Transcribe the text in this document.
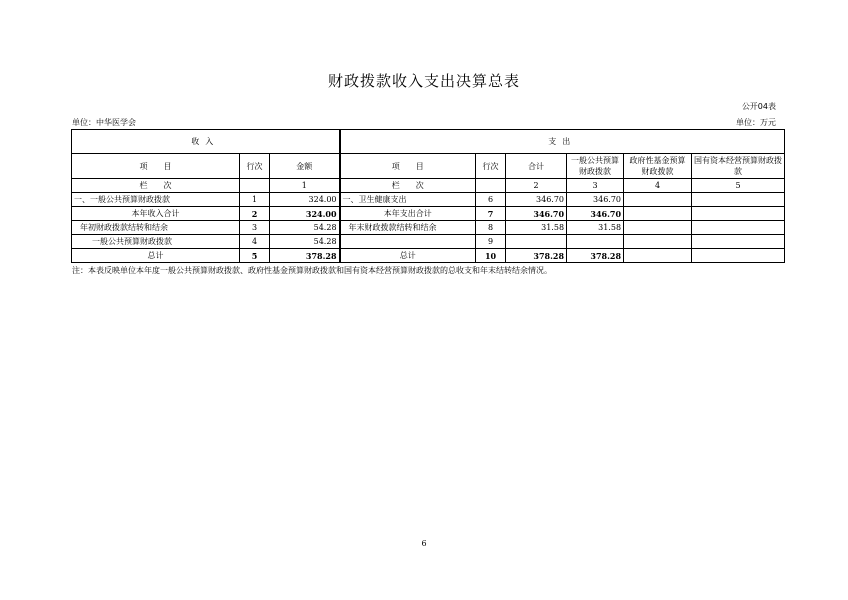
财政拨款收入支出决算总表
公开04表
单位：中华医学会	单位：万元
收入			支出					
项　　目	行次	金额	项　　目	行次	合计	一般公共预算财政拨款	政府性基金预算财政拨款	国有资本经营预算财政拨款
栏　　次		1	栏　　次		2	3	4	5
一、一般公共预算财政拨款	1	324.00	一、卫生健康支出	6	346.70	346.70		
本年收入合计	2	324.00	本年支出合计	7	346.70	346.70		
年初财政拨款结转和结余	3	54.28	年末财政拨款结转和结余	8	31.58	31.58		
一般公共预算财政拨款	4	54.28		9				
总计	5	378.28	总计	10	378.28	378.28		
注：本表反映单位本年度一般公共预算财政拨款、政府性基金预算财政拨款和国有资本经营预算财政拨款的总收支和年末结转结余情况。
6
